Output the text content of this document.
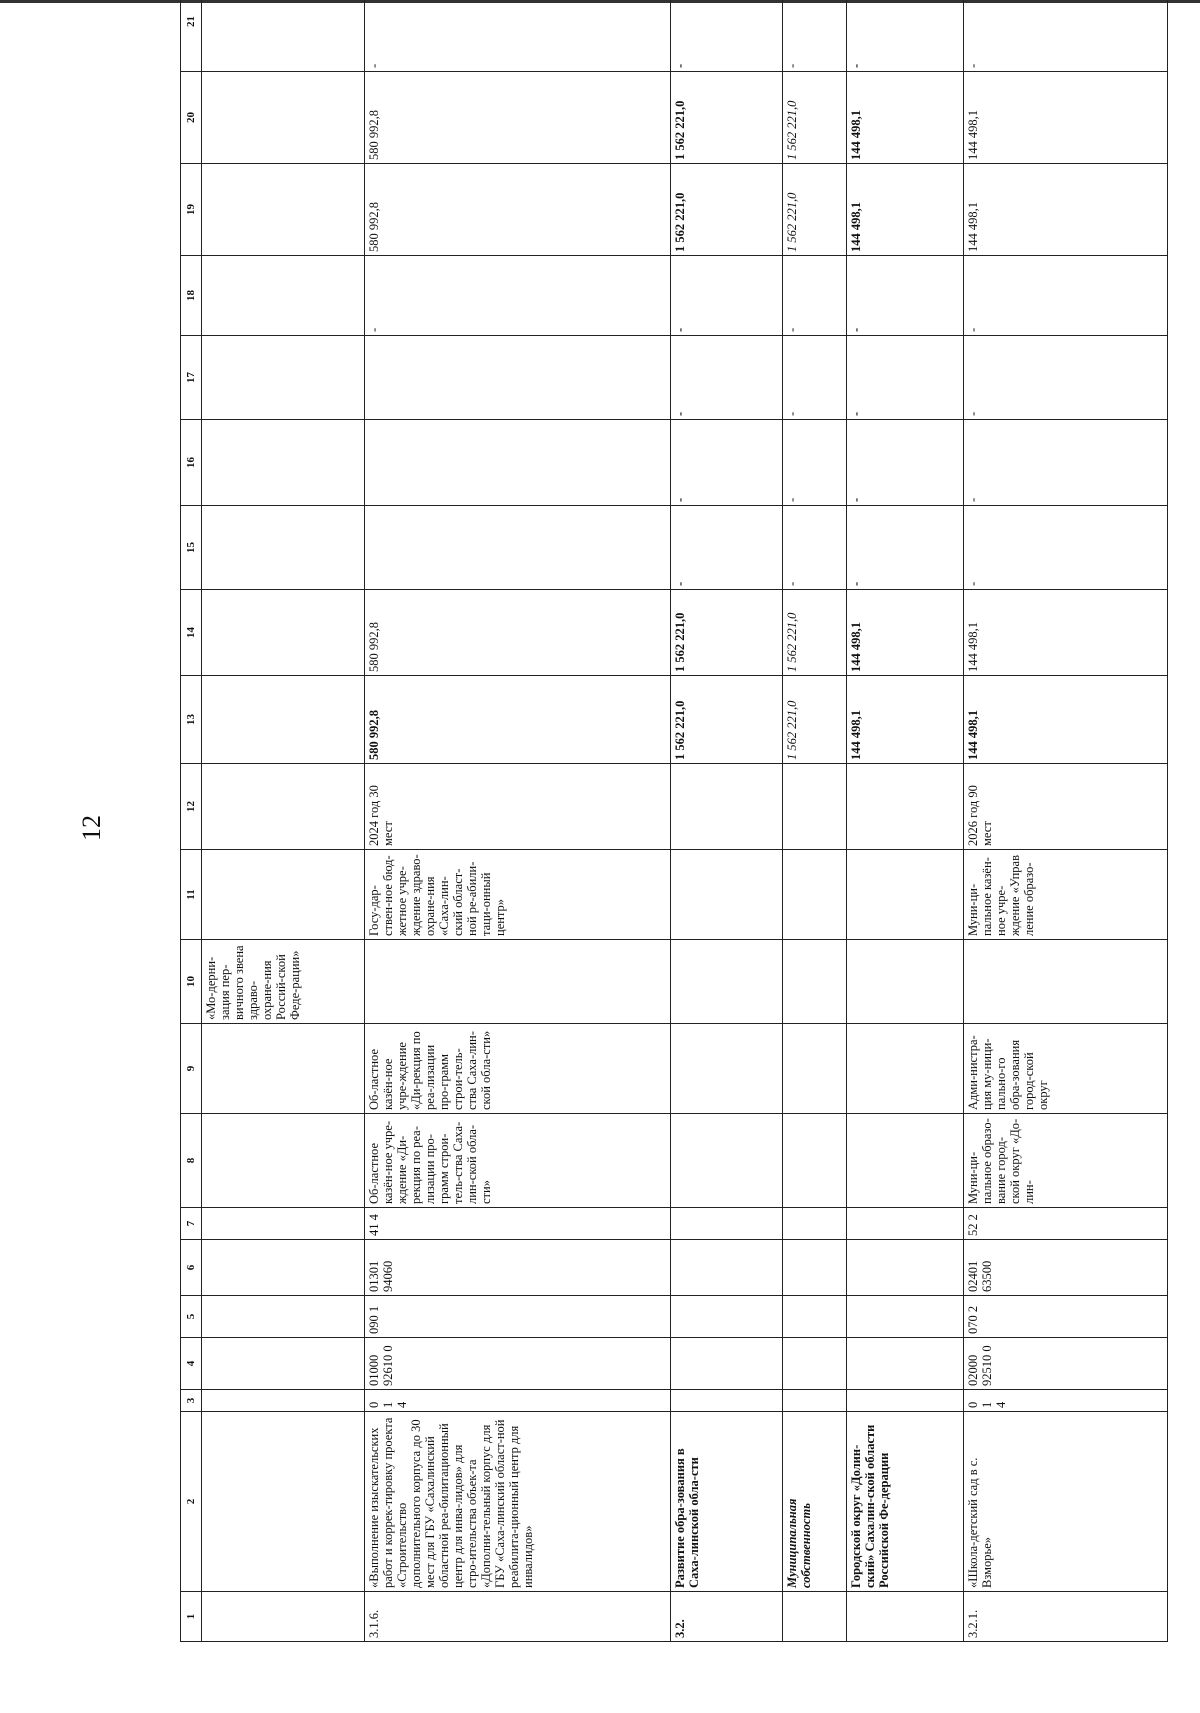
12
1	2	3	4	5	6	7	8	9	10	11	12	13	14	15	16	17	18	19	20	21
									«Мо-дерни-зация пер-вичного звена здраво-охране-ния Россий-ской Феде-рации»											
3.1.6.	«Выполнение изыскательских работ и коррек-тировку проекта «Строительство дополнительного корпуса до 30 мест для ГБУ «Сахалинский областной реа-билитационный центр для инва-лидов» для стро-ительства объек-та «Дополни-тельный корпус для ГБУ «Саха-линский област-ной реабилита-ционный центр для инвалидов»	0 1 4	01000 92610 0	090 1	01301 94060	41 4	Об-ластное казён-ное учре-ждение «Ди-рекция по реа-лизации про-грамм строи-тель-ства Саха-лин-ской обла-сти»	Об-ластное казён-ное учре-ждение «Ди-рекция по реа-лизации про-грамм строи-тель-ства Саха-лин-ской обла-сти»		Госу-дар-ствен-ное бюд-жетное учре-ждение здраво-охране-ния «Саха-лин-ский област-ной ре-абили-таци-онный центр»	2024 год 30 мест	580 992,8	580 992,8				-	580 992,8	580 992,8	-
3.2.	Развитие обра-зования в Саха-линской обла-сти											1 562 221,0	1 562 221,0	-	-	-	-	1 562 221,0	1 562 221,0	-
	Муниципальная собственность											1 562 221,0	1 562 221,0	-	-	-	-	1 562 221,0	1 562 221,0	-
	Городской округ «Долин-ский» Сахалин-ской области Российской Фе-дерации											144 498,1	144 498,1	-	-	-	-	144 498,1	144 498,1	-
3.2.1.	«Школа-детский сад в с. Взморье»	0 1 4	02000 92510 0	070 2	02401 63500	52 2	Муни-ци-пальное образо-вание город-ской округ «До-лин-	Адми-нистра-ция му-ници-пально-го обра-зования город-ской округ		Муни-ци-пальное казён-ное учре-ждение «Управ ление образо-	2026 год 90 мест	144 498,1	144 498,1	-	-	-	-	144 498,1	144 498,1	-
